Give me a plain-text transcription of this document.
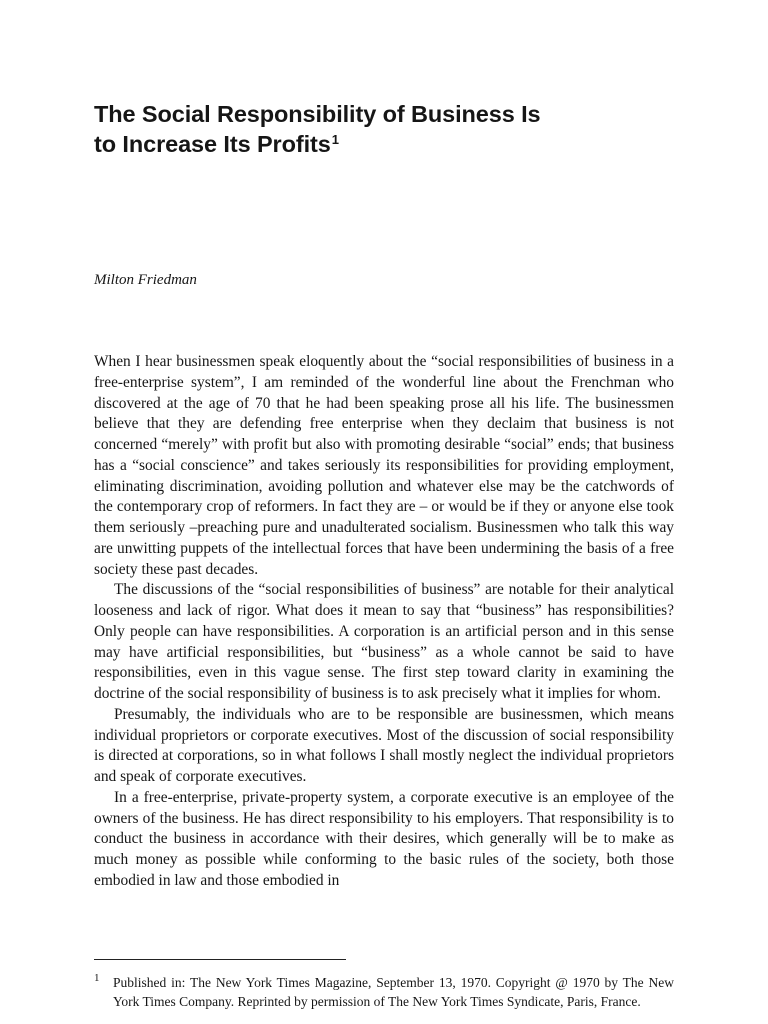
The Social Responsibility of Business Is
to Increase Its Profits$^1$

Milton Friedman

When I hear businessmen speak eloquently about the “social responsibilities of business in a free-enterprise system”, I am reminded of the wonderful line about the Frenchman who discovered at the age of 70 that he had been speaking prose all his life. The businessmen believe that they are defending free enterprise when they declaim that business is not concerned “merely” with profit but also with promoting desirable “social” ends; that business has a “social conscience” and takes seriously its responsibilities for providing employment, eliminating discrimination, avoiding pollution and whatever else may be the catchwords of the contemporary crop of reformers. In fact they are – or would be if they or anyone else took them seriously –preaching pure and unadulterated socialism. Businessmen who talk this way are unwitting puppets of the intellectual forces that have been undermining the basis of a free society these past decades.

The discussions of the “social responsibilities of business” are notable for their analytical looseness and lack of rigor. What does it mean to say that “business” has responsibilities? Only people can have responsibilities. A corporation is an artificial person and in this sense may have artificial responsibilities, but “business” as a whole cannot be said to have responsibilities, even in this vague sense. The first step toward clarity in examining the doctrine of the social responsibility of business is to ask precisely what it implies for whom.

Presumably, the individuals who are to be responsible are businessmen, which means individual proprietors or corporate executives. Most of the discussion of social responsibility is directed at corporations, so in what follows I shall mostly neglect the individual proprietors and speak of corporate executives.

In a free-enterprise, private-property system, a corporate executive is an employee of the owners of the business. He has direct responsibility to his employers. That responsibility is to conduct the business in accordance with their desires, which generally will be to make as much money as possible while conforming to the basic rules of the society, both those embodied in law and those embodied in

1 Published in: The New York Times Magazine, September 13, 1970. Copyright @ 1970 by The New York Times Company. Reprinted by permission of The New York Times Syndicate, Paris, France.
